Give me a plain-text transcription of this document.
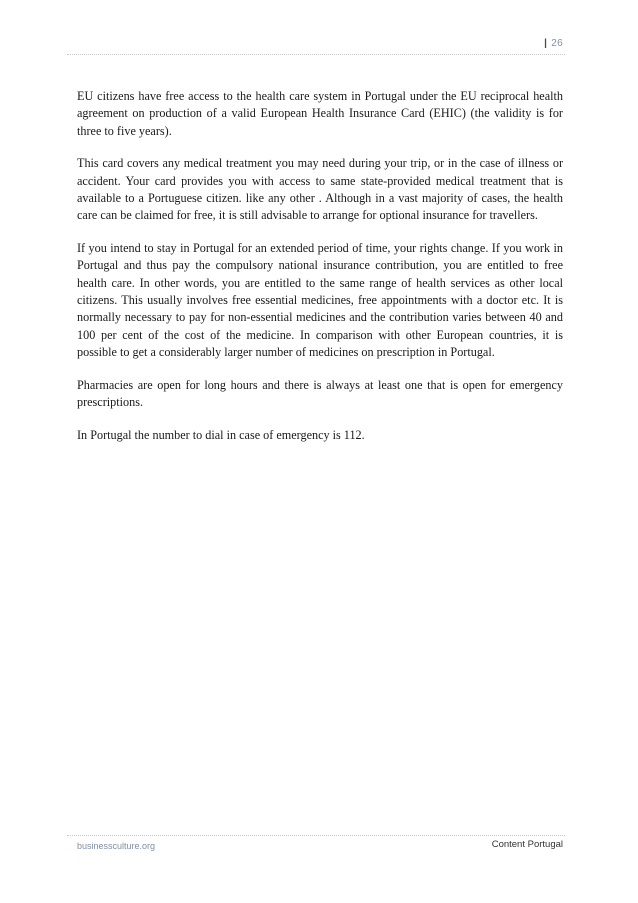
| 26

EU citizens have free access to the health care system in Portugal under the EU reciprocal health agreement on production of a valid European Health Insurance Card (EHIC) (the validity is for three to five years).

This card covers any medical treatment you may need during your trip, or in the case of illness or accident. Your card provides you with access to same state-provided medical treatment that is available to a Portuguese citizen. like any other . Although in a vast majority of cases, the health care can be claimed for free, it is still advisable to arrange for optional insurance for travellers.

If you intend to stay in Portugal for an extended period of time, your rights change. If you work in Portugal and thus pay the compulsory national insurance contribution, you are entitled to free health care. In other words, you are entitled to the same range of health services as other local citizens. This usually involves free essential medicines, free appointments with a doctor etc. It is normally necessary to pay for non-essential medicines and the contribution varies between 40 and 100 per cent of the cost of the medicine. In comparison with other European countries, it is possible to get a considerably larger number of medicines on prescription in Portugal.

Pharmacies are open for long hours and there is always at least one that is open for emergency prescriptions.

In Portugal the number to dial in case of emergency is 112.

businessculture.org	Content Portugal
